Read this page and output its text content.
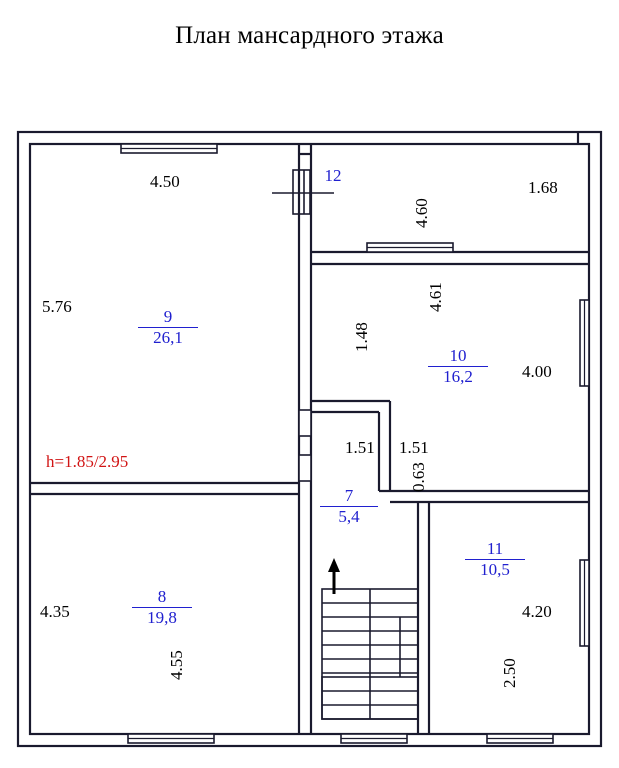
План мансардного этажа
4.50
5.76
4.60
1.68
4.61
4.00
1.48
1.51 1.51
0.63
4.35
4.55
4.20
2.50
h=1.85/2.95
9
26,1
10
16,2
7
5,4
8
19,8
11
10,5
12
